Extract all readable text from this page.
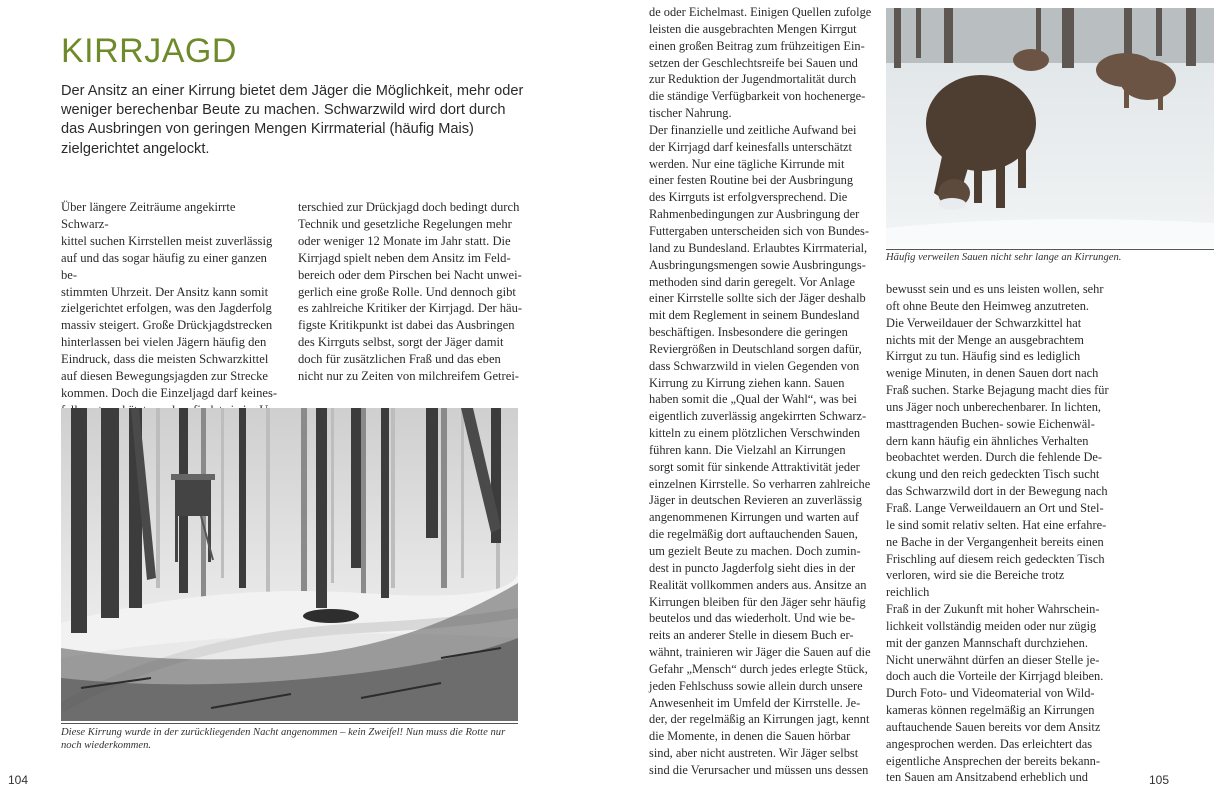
KIRRJAGD

Der Ansitz an einer Kirrung bietet dem Jäger die Möglichkeit, mehr oder weniger berechenbar Beute zu machen. Schwarzwild wird dort durch das Ausbringen von geringen Mengen Kirrmaterial (häufig Mais) zielgerichtet angelockt.

Über längere Zeiträume angekirrte Schwarz-
kittel suchen Kirrstellen meist zuverlässig
auf und das sogar häufig zu einer ganzen be-
stimmten Uhrzeit. Der Ansitz kann somit
zielgerichtet erfolgen, was den Jagderfolg
massiv steigert. Große Drückjagdstrecken
hinterlassen bei vielen Jägern häufig den
Eindruck, dass die meisten Schwarzkittel
auf diesen Bewegungsjagden zur Strecke
kommen. Doch die Einzeljagd darf keines-

terschied zur Drückjagd doch bedingt durch
Technik und gesetzliche Regelungen mehr
oder weniger 12 Monate im Jahr statt. Die
Kirrjagd spielt neben dem Ansitz im Feld-
bereich oder dem Pirschen bei Nacht unwei-
gerlich eine große Rolle. Und dennoch gibt
es zahlreiche Kritiker der Kirrjagd. Der häu-
figste Kritikpunkt ist dabei das Ausbringen
des Kirrguts selbst, sorgt der Jäger damit
doch für zusätzlichen Fraß und das eben
nicht nur zu Zeiten von milchreifem Getrei-

Diese Kirrung wurde in der zurückliegenden Nacht angenommen – kein Zweifel! Nun muss die Rotte nur noch wiederkommen.

104

de oder Eichelmast. Einigen Quellen zufolge
leisten die ausgebrachten Mengen Kirrgut
einen großen Beitrag zum frühzeitigen Ein-
setzen der Geschlechtsreife bei Sauen und
zur Reduktion der Jugendmortalität durch
die ständige Verfügbarkeit von hochenerge-
tischer Nahrung.
Der finanzielle und zeitliche Aufwand bei
der Kirrjagd darf keinesfalls unterschätzt
werden. Nur eine tägliche Kirrunde mit
einer festen Routine bei der Ausbringung
des Kirrguts ist erfolgversprechend. Die
Rahmenbedingungen zur Ausbringung der
Futtergaben unterscheiden sich von Bundes-
land zu Bundesland. Erlaubtes Kirrmaterial,
Ausbringungsmengen sowie Ausbringungs-
methoden sind darin geregelt. Vor Anlage
einer Kirrstelle sollte sich der Jäger deshalb
mit dem Reglement in seinem Bundesland
beschäftigen. Insbesondere die geringen
Reviergrößen in Deutschland sorgen dafür,
dass Schwarzwild in vielen Gegenden von
Kirrung zu Kirrung ziehen kann. Sauen
haben somit die „Qual der Wahl“, was bei
eigentlich zuverlässig angekirrten Schwarz-
kitteln zu einem plötzlichen Verschwinden
führen kann. Die Vielzahl an Kirrungen
sorgt somit für sinkende Attraktivität jeder
einzelnen Kirrstelle. So verharren zahlreiche
Jäger in deutschen Revieren an zuverlässig
angenommenen Kirrungen und warten auf
die regelmäßig dort auftauchenden Sauen,
um gezielt Beute zu machen. Doch zumin-
dest in puncto Jagderfolg sieht dies in der
Realität vollkommen anders aus. Ansitze an
Kirrungen bleiben für den Jäger sehr häufig
beutelos und das wiederholt. Und wie be-
reits an anderer Stelle in diesem Buch er-
wähnt, trainieren wir Jäger die Sauen auf die
Gefahr „Mensch“ durch jedes erlegte Stück,
jeden Fehlschuss sowie allein durch unsere
Anwesenheit im Umfeld der Kirrstelle. Je-
der, der regelmäßig an Kirrungen jagt, kennt
die Momente, in denen die Sauen hörbar
sind, aber nicht austreten. Wir Jäger selbst
sind die Verursacher und müssen uns dessen

bewusst sein und es uns leisten wollen, sehr
oft ohne Beute den Heimweg anzutreten.
Die Verweildauer der Schwarzkittel hat
nichts mit der Menge an ausgebrachtem
Kirrgut zu tun. Häufig sind es lediglich
wenige Minuten, in denen Sauen dort nach
Fraß suchen. Starke Bejagung macht dies für
uns Jäger noch unberechenbarer. In lichten,
masttragenden Buchen- sowie Eichenwäl-
dern kann häufig ein ähnliches Verhalten
beobachtet werden. Durch die fehlende De-
ckung und den reich gedeckten Tisch sucht
das Schwarzwild dort in der Bewegung nach
Fraß. Lange Verweildauern an Ort und Stel-
le sind somit relativ selten. Hat eine erfahre-
ne Bache in der Vergangenheit bereits einen
Frischling auf diesem reich gedeckten Tisch
verloren, wird sie die Bereiche trotz reichlich
Fraß in der Zukunft mit hoher Wahrschein-
lichkeit vollständig meiden oder nur zügig
mit der ganzen Mannschaft durchziehen.
Nicht unerwähnt dürfen an dieser Stelle je-
doch auch die Vorteile der Kirrjagd bleiben.
Durch Foto- und Videomaterial von Wild-
kameras können regelmäßig an Kirrungen
auftauchende Sauen bereits vor dem Ansitz
angesprochen werden. Das erleichtert das
eigentliche Ansprechen der bereits bekann-
ten Sauen am Ansitzabend erheblich und	105

Häufig verweilen Sauen nicht sehr lange an Kirrungen.
